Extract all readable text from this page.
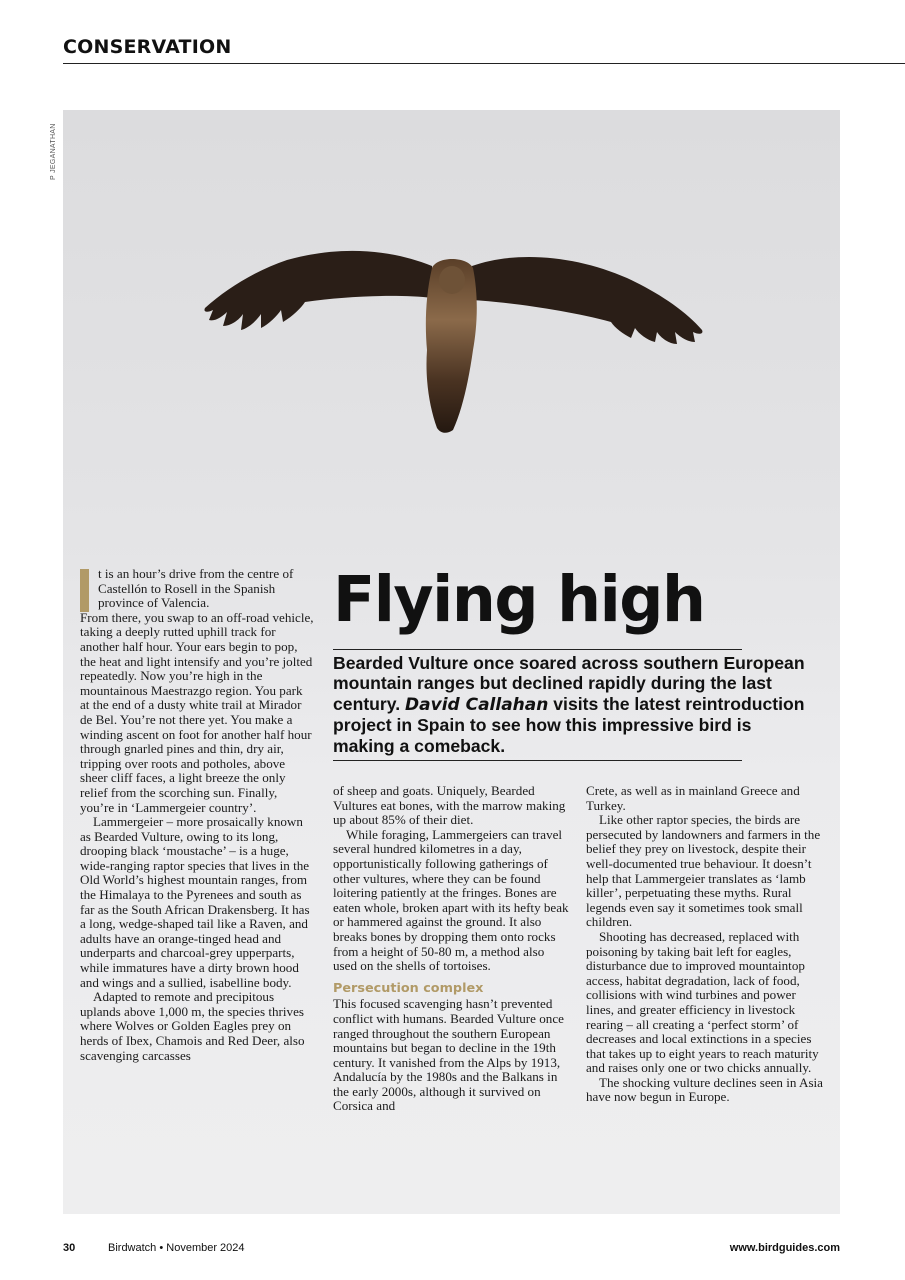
CONSERVATION
P JEGANATHAN

t is an hour’s drive from the centre of Castellón to Rosell in the Spanish province of Valencia.

From there, you swap to an off-road vehicle, taking a deeply rutted uphill track for another half hour. Your ears begin to pop, the heat and light intensify and you’re jolted repeatedly. Now you’re high in the mountainous Maestrazgo region. You park at the end of a dusty white trail at Mirador de Bel. You’re not there yet. You make a winding ascent on foot for another half hour through gnarled pines and thin, dry air, tripping over roots and potholes, above sheer cliff faces, a light breeze the only relief from the scorching sun. Finally, you’re in ‘Lammergeier country’.

Lammergeier – more prosaically known as Bearded Vulture, owing to its long, drooping black ‘moustache’ – is a huge, wide-ranging raptor species that lives in the Old World’s highest mountain ranges, from the Himalaya to the Pyrenees and south as far as the South African Drakensberg. It has a long, wedge-shaped tail like a Raven, and adults have an orange-tinged head and underparts and charcoal-grey upperparts, while immatures have a dirty brown hood and wings and a sullied, isabelline body.

Adapted to remote and precipitous uplands above 1,000 m, the species thrives where Wolves or Golden Eagles prey on herds of Ibex, Chamois and Red Deer, also scavenging carcasses

Flying high
Bearded Vulture once soared across southern European mountain ranges but declined rapidly during the last century. David Callahan visits the latest reintroduction project in Spain to see how this impressive bird is making a comeback.

of sheep and goats. Uniquely, Bearded Vultures eat bones, with the marrow making up about 85% of their diet.

While foraging, Lammergeiers can travel several hundred kilometres in a day, opportunistically following gatherings of other vultures, where they can be found loitering patiently at the fringes. Bones are eaten whole, broken apart with its hefty beak or hammered against the ground. It also breaks bones by dropping them onto rocks from a height of 50-80 m, a method also used on the shells of tortoises.

Persecution complex

This focused scavenging hasn’t prevented conflict with humans. Bearded Vulture once ranged throughout the southern European mountains but began to decline in the 19th century. It vanished from the Alps by 1913, Andalucía by the 1980s and the Balkans in the early 2000s, although it survived on Corsica and

Crete, as well as in mainland Greece and Turkey.

Like other raptor species, the birds are persecuted by landowners and farmers in the belief they prey on livestock, despite their well-documented true behaviour. It doesn’t help that Lammergeier translates as ‘lamb killer’, perpetuating these myths. Rural legends even say it sometimes took small children.

Shooting has decreased, replaced with poisoning by taking bait left for eagles, disturbance due to improved mountaintop access, habitat degradation, lack of food, collisions with wind turbines and power lines, and greater efficiency in livestock rearing – all creating a ‘perfect storm’ of decreases and local extinctions in a species that takes up to eight years to reach maturity and raises only one or two chicks annually.

The shocking vulture declines seen in Asia have now begun in Europe.

30	Birdwatch • November 2024	www.birdguides.com
